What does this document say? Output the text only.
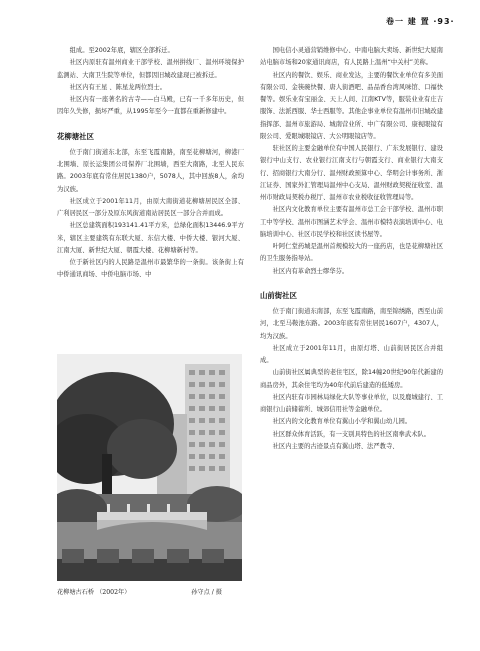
卷一 建 置 ·93·

组成。至2002年底，辖区全部拆迁。

社区内原驻有温州商业干部学校、温州拼线厂、温州环境保护监测站、大南卫生院等单位，但都因旧城改建现已被拆迁。

社区内有王星 、陈星龙两位烈士。

社区内有一座著名的古寺——白马殿，已有一千多年历史，但因年久失修，损坏严重，从1995年至今一直都在重新修建中。

花柳塘社区

位于南门街道东北部，东至飞霞南路，南至花柳塘河，柳港厂北围墙、原长运集团公司保养厂北围墙，西至大南路，北至人民东路。2003年底有常住居民1380户，5078人，其中回族8人，余均为汉族。

社区成立于2001年11月，由原大南街道花柳塘居民区全部、广利居民区一部分及原东风街道南站居民区一部分合并而成。

社区总建筑面积193141.41平方米，总绿化面积13446.9平方米，辖区主要建筑有东联大厦、东信大楼、中侨大楼、银河大厦、江南大厦、新世纪大厦、朝霞大楼、花柳塘新村等。

位于新社区内的人民路是温州市最繁华的一条街。该条街上有中侨通讯商场、中侨电脑市场、中

花柳塘古石桥 （2002年）	孙守点 / 摄

国电信小灵通营销维修中心、中南电脑大卖场、新世纪大厦南站电脑市场和20家通讯商店，有人民路上温州“中关村”美称。

社区内的餐饮、娱乐、商业发达，主要的餐饮业单位有多美面有限公司、金筷碗快餐、唐人街酒吧、品品香台湾风味馆、口福快餐等。娱乐业有宝丽金、天上人间、江南KTV等，服装业业有庄吉服饰、法派西服、华士西服等。其他企事业单位有温州市旧城改建指挥部、温州市旅游局、城南营业所、中广有限公司、康视眼镜有限公司、爱眼城眼镜店、大公明眼镜店等。

驻社区的主要金融单位有中国人民银行、广东发展银行、建设银行中山支行、农业银行江南支行与朝霞支行、商业银行大南支行、招商银行大南分行、温州财政预算中心、华明会计事务所、浙江证券、国家外汇管理局温州中心支局、温州财政契税征收室、温州市财政局契税办税厅、温州市农业税收征收管理局等。

社区内文化教育单位主要有温州市总工会干部学校、温州市职工中等学校、温州市图涵艺术学会、温州市模特表演培训中心、电脑培训中心、社区市民学校和社区读书屋等。

叶阿仁堂药城是温州首规模较大的一座药店，也是花柳塘社区的卫生服务指导站。

社区内有革命烈士缪华芬。

山前街社区

位于南门街道东南部，东至飞霞南路，南至锦绣路，西至山前河，北至马鞍池东路。2003年底有常住居民1607户，4307人，均为汉族。

社区成立于2001年11月，由原灯塔、山前街居民区合并组成。

山前街社区属典型的老住宅区，除14幢20世纪90年代新建的商品房外，其余住宅均为40年代前后建造的低矮房。

社区内驻有市园林局绿化大队等事业单位，以及鹿城建行、工商银行山前储蓄所、城郊信用社等金融单位。

社区内的文化教育单位有翼山小学和翼山幼儿园。

社区群众体育活跃，有一支别具特色的社区南拳武术队。

社区内主要的古迹景点有翼山塔、法严教寺、
